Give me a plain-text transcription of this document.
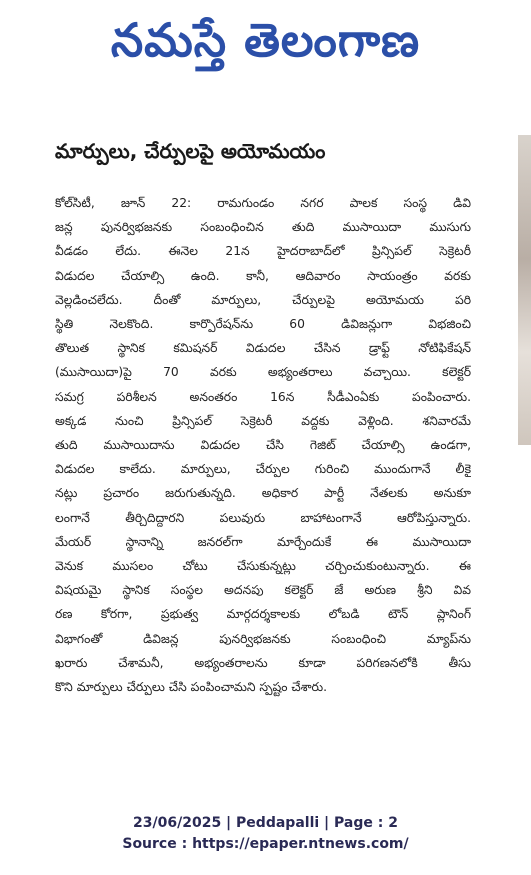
నమస్తే తెలంగాణ
మార్పులు, చేర్పులపై అయోమయం
కోల్‌సిటీ, జూన్ 22: రామగుండం నగర పాలక సంస్థ డివి
జన్ల పునర్విభజనకు సంబంధించిన తుది ముసాయిదా ముసుగు
వీడడం లేదు. ఈనెల 21న హైదరాబాద్‌లో ప్రిన్సిపల్ సెక్రెటరీ
విడుదల చేయాల్సి ఉంది. కానీ, ఆదివారం సాయంత్రం వరకు
వెల్లడించలేదు. దీంతో మార్పులు, చేర్పులపై అయోమయ పరి
స్థితి నెలకొంది. కార్పొరేషన్‌ను 60 డివిజన్లుగా విభజించి
తొలుత స్థానిక కమిషనర్ విడుదల చేసిన డ్రాఫ్ట్ నోటిఫికేషన్
(ముసాయిదా)పై 70 వరకు అభ్యంతరాలు వచ్చాయి. కలెక్టర్
సమగ్ర పరిశీలన అనంతరం 16న సీడీఎంఏకు పంపించారు.
అక్కడ నుంచి ప్రిన్సిపల్ సెక్రెటరీ వద్దకు వెళ్లింది. శనివారమే
తుది ముసాయిదాను విడుదల చేసి గెజిట్ చేయాల్సి ఉండగా,
విడుదల కాలేదు. మార్పులు, చేర్పుల గురించి ముందుగానే లీకై
నట్లు ప్రచారం జరుగుతున్నది. అధికార పార్టీ నేతలకు అనుకూ
లంగానే తీర్చిదిద్దారని పలువురు బాహాటంగానే ఆరోపిస్తున్నారు.
మేయర్ స్థానాన్ని జనరల్‌గా మార్చేందుకే ఈ ముసాయిదా
వెనుక ముసలం చోటు చేసుకున్నట్లు చర్చించుకుంటున్నారు. ఈ
విషయమై స్థానిక సంస్థల అదనపు కలెక్టర్ జే అరుణ శ్రీని వివ
రణ కోరగా, ప్రభుత్వ మార్గదర్శకాలకు లోబడి టౌన్ ప్లానింగ్
విభాగంతో డివిజన్ల పునర్విభజనకు సంబంధించి మ్యాప్‌ను
ఖరారు చేశామనీ, అభ్యంతరాలను కూడా పరిగణనలోకి తీసు
కొని మార్పులు చేర్పులు చేసి పంపించామని స్పష్టం చేశారు.
23/06/2025 | Peddapalli | Page : 2
Source : https://epaper.ntnews.com/
